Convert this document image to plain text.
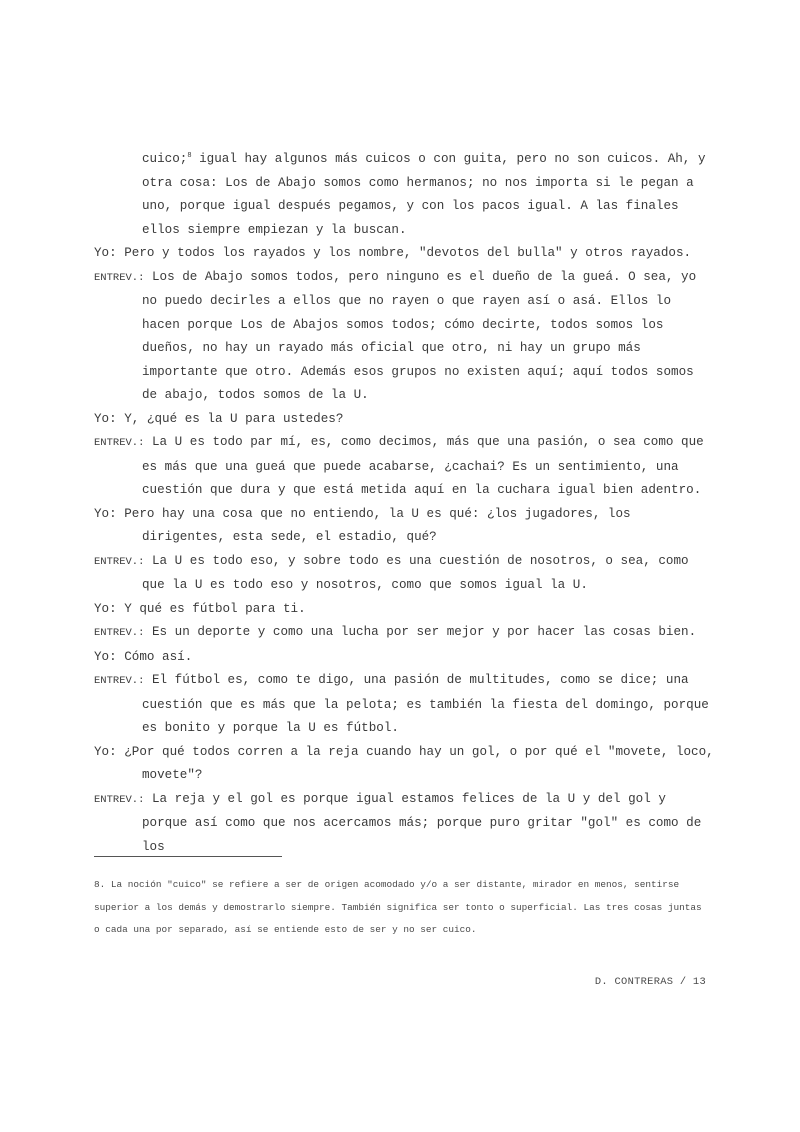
cuico;$^8$ igual hay algunos más cuicos o con guita, pero no son cuicos. Ah, y otra cosa: Los de Abajo somos como hermanos; no nos importa si le pegan a uno, porque igual después pegamos, y con los pacos igual. A las finales ellos siempre empiezan y la buscan.

Yo: Pero y todos los rayados y los nombre, "devotos del bulla" y otros rayados.

ENTREV.: Los de Abajo somos todos, pero ninguno es el dueño de la gueá. O sea, yo no puedo decirles a ellos que no rayen o que rayen así o asá. Ellos lo hacen porque Los de Abajos somos todos; cómo decirte, todos somos los dueños, no hay un rayado más oficial que otro, ni hay un grupo más importante que otro. Además esos grupos no existen aquí; aquí todos somos de abajo, todos somos de la U.

Yo: Y, ¿qué es la U para ustedes?

ENTREV.: La U es todo par mí, es, como decimos, más que una pasión, o sea como que es más que una gueá que puede acabarse, ¿cachai? Es un sentimiento, una cuestión que dura y que está metida aquí en la cuchara igual bien adentro.

Yo: Pero hay una cosa que no entiendo, la U es qué: ¿los jugadores, los dirigentes, esta sede, el estadio, qué?

ENTREV.: La U es todo eso, y sobre todo es una cuestión de nosotros, o sea, como que la U es todo eso y nosotros, como que somos igual la U.

Yo: Y qué es fútbol para ti.

ENTREV.: Es un deporte y como una lucha por ser mejor y por hacer las cosas bien.

Yo: Cómo así.

ENTREV.: El fútbol es, como te digo, una pasión de multitudes, como se dice; una cuestión que es más que la pelota; es también la fiesta del domingo, porque es bonito y porque la U es fútbol.

Yo: ¿Por qué todos corren a la reja cuando hay un gol, o por qué el "movete, loco, movete"?

ENTREV.: La reja y el gol es porque igual estamos felices de la U y del gol y porque así como que nos acercamos más; porque puro gritar "gol" es como de los

8. La noción "cuico" se refiere a ser de origen acomodado y/o a ser distante, mirador en menos, sentirse superior a los demás y demostrarlo siempre. También significa ser tonto o superficial. Las tres cosas juntas o cada una por separado, así se entiende esto de ser y no ser cuico.
D. CONTRERAS / 13
